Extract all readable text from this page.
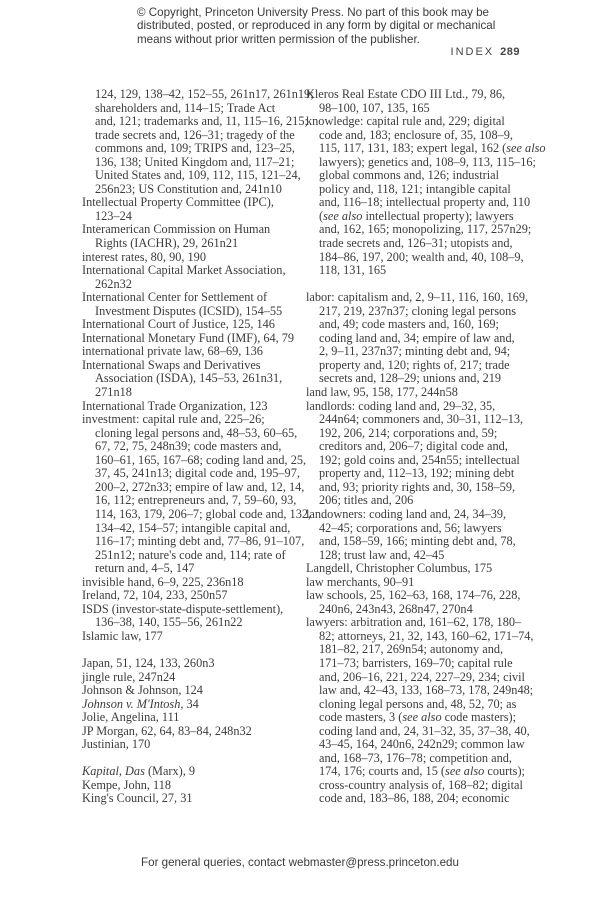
© Copyright, Princeton University Press. No part of this book may be
distributed, posted, or reproduced in any form by digital or mechanical
means without prior written permission of the publisher.
INDEX 289
124, 129, 138–42, 152–55, 261n17, 261n19;
shareholders and, 114–15; Trade Act
and, 121; trademarks and, 11, 115–16, 215;
trade secrets and, 126–31; tragedy of the
commons and, 109; TRIPS and, 123–25,
136, 138; United Kingdom and, 117–21;
United States and, 109, 112, 115, 121–24,
256n23; US Constitution and, 241n10
Intellectual Property Committee (IPC),
123–24
Interamerican Commission on Human
Rights (IACHR), 29, 261n21
interest rates, 80, 90, 190
International Capital Market Association,
262n32
International Center for Settlement of
Investment Disputes (ICSID), 154–55
International Court of Justice, 125, 146
International Monetary Fund (IMF), 64, 79
international private law, 68–69, 136
International Swaps and Derivatives
Association (ISDA), 145–53, 261n31,
271n18
International Trade Organization, 123
investment: capital rule and, 225–26;
cloning legal persons and, 48–53, 60–65,
67, 72, 75, 248n39; code masters and,
160–61, 165, 167–68; coding land and, 25,
37, 45, 241n13; digital code and, 195–97,
200–2, 272n33; empire of law and, 12, 14,
16, 112; entrepreneurs and, 7, 59–60, 93,
114, 163, 179, 206–7; global code and, 132,
134–42, 154–57; intangible capital and,
116–17; minting debt and, 77–86, 91–107,
251n12; nature's code and, 114; rate of
return and, 4–5, 147
invisible hand, 6–9, 225, 236n18
Ireland, 72, 104, 233, 250n57
ISDS (investor-state-dispute-settlement),
136–38, 140, 155–56, 261n22
Islamic law, 177
Japan, 51, 124, 133, 260n3
jingle rule, 247n24
Johnson & Johnson, 124
Johnson v. M'Intosh, 34
Jolie, Angelina, 111
JP Morgan, 62, 64, 83–84, 248n32
Justinian, 170
Kapital, Das (Marx), 9
Kempe, John, 118
King's Council, 27, 31
Kleros Real Estate CDO III Ltd., 79, 86,
98–100, 107, 135, 165
knowledge: capital rule and, 229; digital
code and, 183; enclosure of, 35, 108–9,
115, 117, 131, 183; expert legal, 162 (see also
lawyers); genetics and, 108–9, 113, 115–16;
global commons and, 126; industrial
policy and, 118, 121; intangible capital
and, 116–18; intellectual property and, 110
(see also intellectual property); lawyers
and, 162, 165; monopolizing, 117, 257n29;
trade secrets and, 126–31; utopists and,
184–86, 197, 200; wealth and, 40, 108–9,
118, 131, 165
labor: capitalism and, 2, 9–11, 116, 160, 169,
217, 219, 237n37; cloning legal persons
and, 49; code masters and, 160, 169;
coding land and, 34; empire of law and,
2, 9–11, 237n37; minting debt and, 94;
property and, 120; rights of, 217; trade
secrets and, 128–29; unions and, 219
land law, 95, 158, 177, 244n58
landlords: coding land and, 29–32, 35,
244n64; commoners and, 30–31, 112–13,
192, 206, 214; corporations and, 59;
creditors and, 206–7; digital code and,
192; gold coins and, 254n55; intellectual
property and, 112–13, 192; mining debt
and, 93; priority rights and, 30, 158–59,
206; titles and, 206
landowners: coding land and, 24, 34–39,
42–45; corporations and, 56; lawyers
and, 158–59, 166; minting debt and, 78,
128; trust law and, 42–45
Langdell, Christopher Columbus, 175
law merchants, 90–91
law schools, 25, 162–63, 168, 174–76, 228,
240n6, 243n43, 268n47, 270n4
lawyers: arbitration and, 161–62, 178, 180–
82; attorneys, 21, 32, 143, 160–62, 171–74,
181–82, 217, 269n54; autonomy and,
171–73; barristers, 169–70; capital rule
and, 206–16, 221, 224, 227–29, 234; civil
law and, 42–43, 133, 168–73, 178, 249n48;
cloning legal persons and, 48, 52, 70; as
code masters, 3 (see also code masters);
coding land and, 24, 31–32, 35, 37–38, 40,
43–45, 164, 240n6, 242n29; common law
and, 168–73, 176–78; competition and,
174, 176; courts and, 15 (see also courts);
cross-country analysis of, 168–82; digital
code and, 183–86, 188, 204; economic
For general queries, contact webmaster@press.princeton.edu
